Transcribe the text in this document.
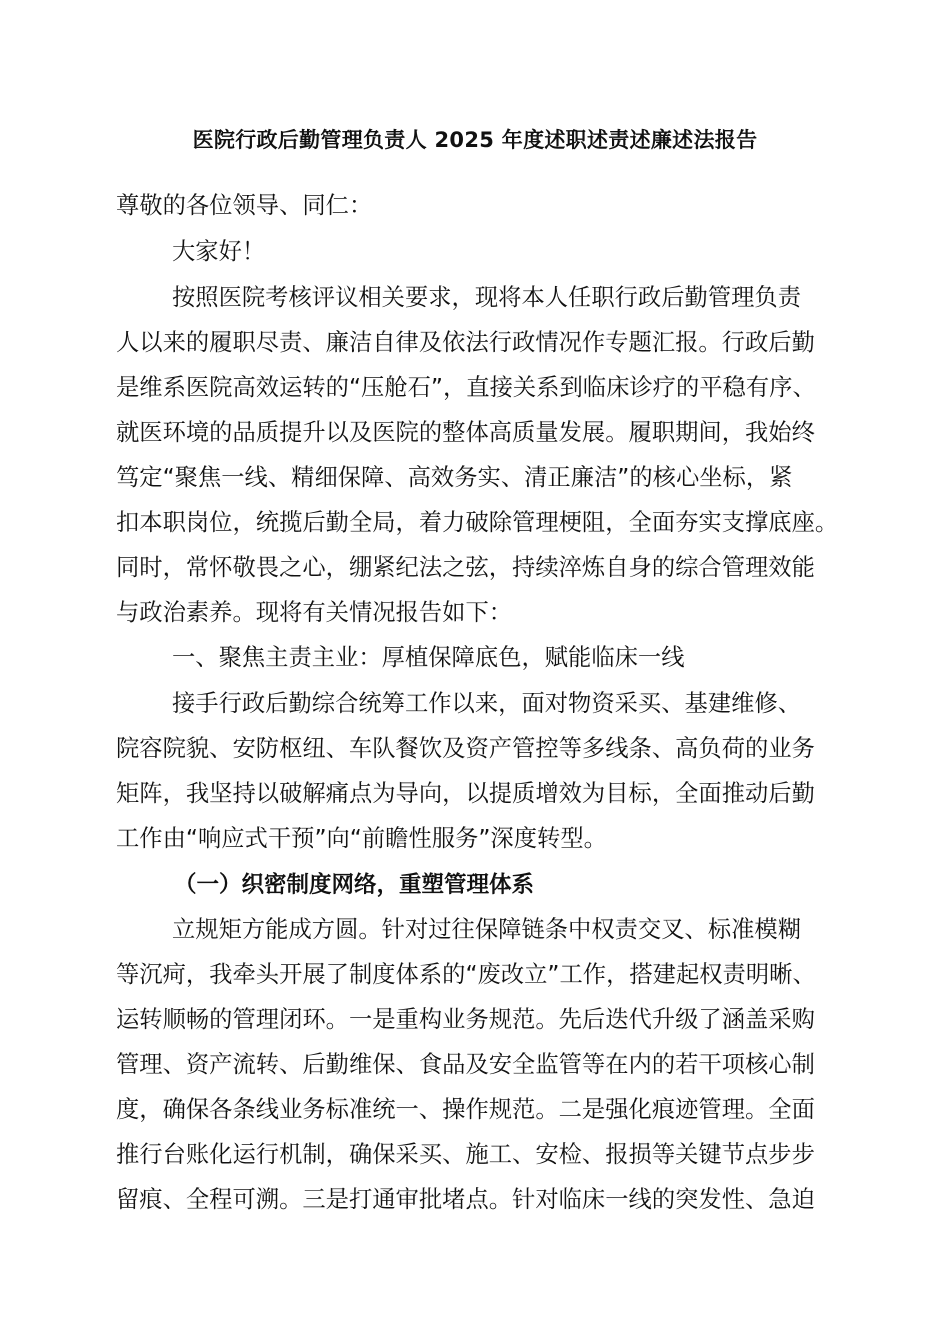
医院行政后勤管理负责人 2025 年度述职述责述廉述法报告
尊敬的各位领导、同仁：
大家好！
按照医院考核评议相关要求，现将本人任职行政后勤管理负责
人以来的履职尽责、廉洁自律及依法行政情况作专题汇报。行政后勤
是维系医院高效运转的“压舱石”，直接关系到临床诊疗的平稳有序、
就医环境的品质提升以及医院的整体高质量发展。履职期间，我始终
笃定“聚焦一线、精细保障、高效务实、清正廉洁”的核心坐标，紧
扣本职岗位，统揽后勤全局，着力破除管理梗阻，全面夯实支撑底座。
同时，常怀敬畏之心，绷紧纪法之弦，持续淬炼自身的综合管理效能
与政治素养。现将有关情况报告如下：
一、聚焦主责主业：厚植保障底色，赋能临床一线
接手行政后勤综合统筹工作以来，面对物资采买、基建维修、
院容院貌、安防枢纽、车队餐饮及资产管控等多线条、高负荷的业务
矩阵，我坚持以破解痛点为导向，以提质增效为目标，全面推动后勤
工作由“响应式干预”向“前瞻性服务”深度转型。
（一）织密制度网络，重塑管理体系
立规矩方能成方圆。针对过往保障链条中权责交叉、标准模糊
等沉疴，我牵头开展了制度体系的“废改立”工作，搭建起权责明晰、
运转顺畅的管理闭环。一是重构业务规范。先后迭代升级了涵盖采购
管理、资产流转、后勤维保、食品及安全监管等在内的若干项核心制
度，确保各条线业务标准统一、操作规范。二是强化痕迹管理。全面
推行台账化运行机制，确保采买、施工、安检、报损等关键节点步步
留痕、全程可溯。三是打通审批堵点。针对临床一线的突发性、急迫
